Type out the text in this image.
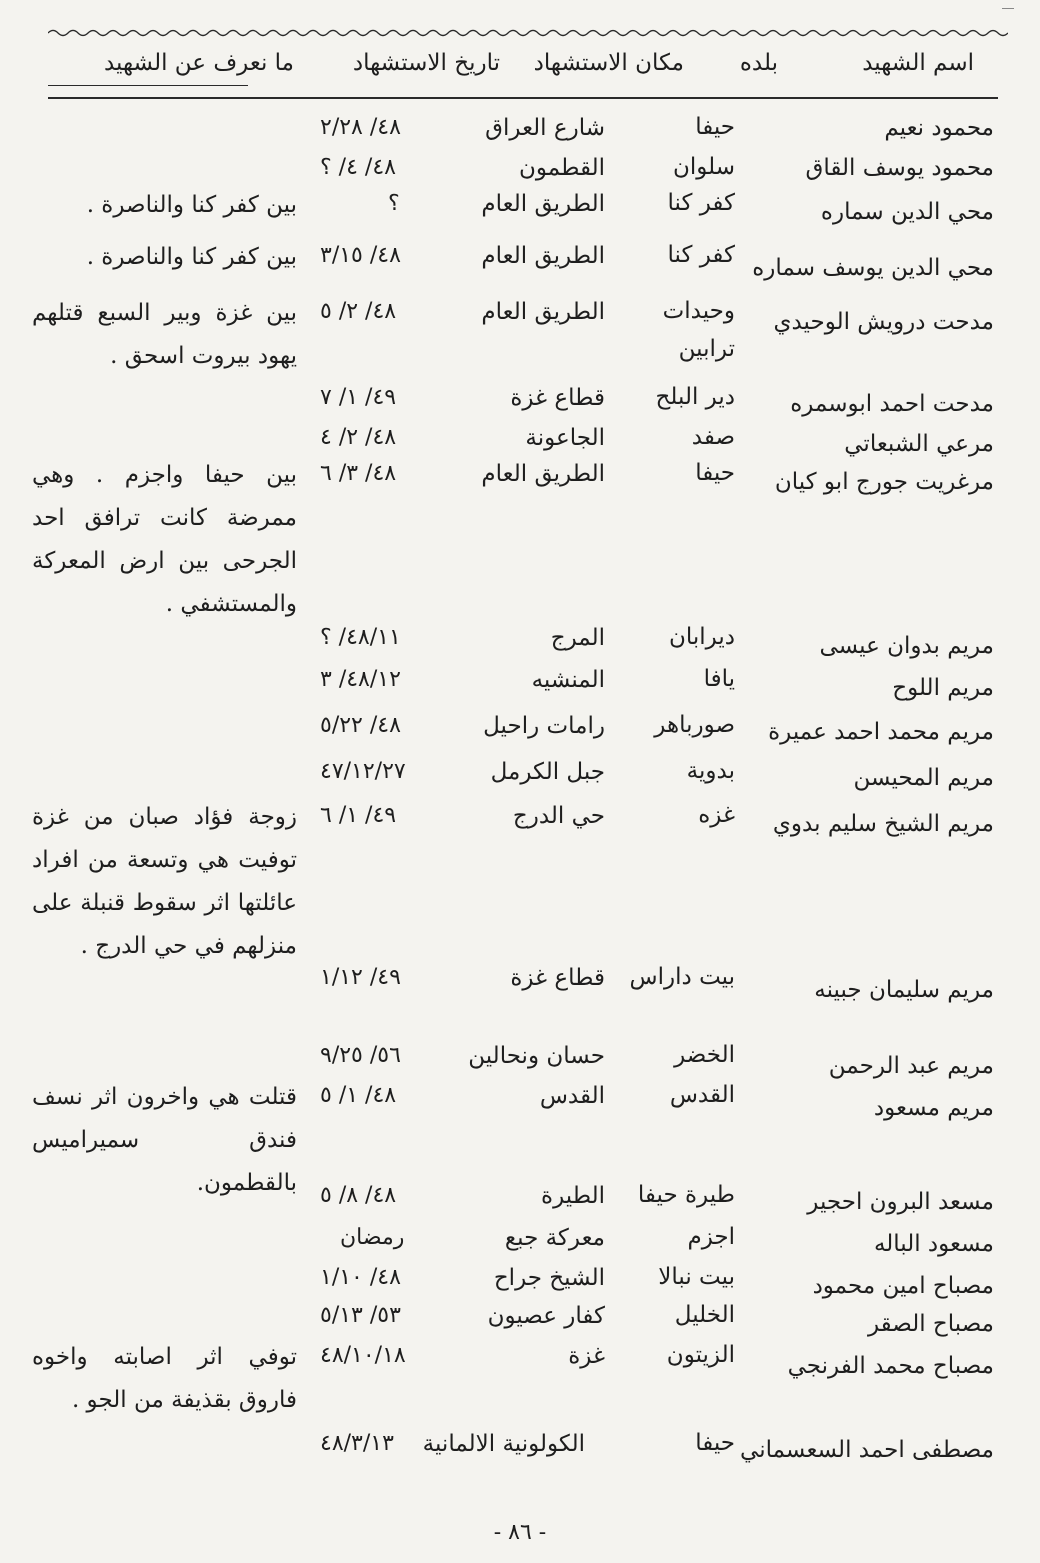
اسم الشهيد
بلده
مكان الاستشهاد
تاريخ الاستشهاد
ما نعرف عن الشهيد
محمود نعيم
حيفا
شارع العراق
٤٨/ ٢/٢٨
محمود يوسف القاق
سلوان
القطمون
٤٨/ ٤/ ؟
محي الدين سماره
كفر كنا
الطريق العام
؟
بين كفر كنا والناصرة .
محي الدين يوسف سماره
كفر كنا
الطريق العام
٤٨/ ٣/١٥
بين كفر كنا والناصرة .
مدحت درويش الوحيدي
وحيدات ترابين
الطريق العام
٤٨/ ٢/ ٥
بين غزة وبير السبع قتلهم يهود بيروت اسحق .
مدحت احمد ابوسمره
دير البلح
قطاع غزة
٤٩/ ١/ ٧
مرعي الشبعاتي
صفد
الجاعونة
٤٨/ ٢/ ٤
مرغريت جورج ابو كيان
حيفا
الطريق العام
٤٨/ ٣/ ٦
بين حيفا واجزم . وهي ممرضة كانت ترافق احد الجرحى بين ارض المعركة والمستشفي .
مريم بدوان عيسى
ديرابان
المرج
٤٨/١١/ ؟
مريم اللوح
يافا
المنشيه
٤٨/١٢/ ٣
مريم محمد احمد عميرة
صورباهر
رامات راحيل
٤٨/ ٥/٢٢
مريم المحيسن
بدوية
جبل الكرمل
٤٧/١٢/٢٧
مريم الشيخ سليم بدوي
غزه
حي الدرج
٤٩/ ١/ ٦
زوجة فؤاد صبان من غزة توفيت هي وتسعة من افراد عائلتها اثر سقوط قنبلة على منزلهم في حي الدرج .
مريم سليمان جبينه
بيت داراس
قطاع غزة
٤٩/ ١/١٢
مريم عبد الرحمن
الخضر
حسان ونحالين
٥٦/ ٩/٢٥
مريم مسعود
القدس
القدس
٤٨/ ١/ ٥
قتلت هي واخرون اثر نسف فندق سميراميس بالقطمون.
مسعد البرون احجير
طيرة حيفا
الطيرة
٤٨/ ٨/ ٥
مسعود الباله
اجزم
معركة جبع
رمضان
مصباح امين محمود
بيت نبالا
الشيخ جراح
٤٨/ ١/١٠
مصباح الصقر
الخليل
كفار عصيون
٥٣/ ٥/١٣
مصباح محمد الفرنجي
الزيتون
غزة
٤٨/١٠/١٨
توفي اثر اصابته واخوه فاروق بقذيفة من الجو .
مصطفى احمد السعسماني
حيفا
الكولونية الالمانية
٤٨/٣/١٣
- ٨٦ -
